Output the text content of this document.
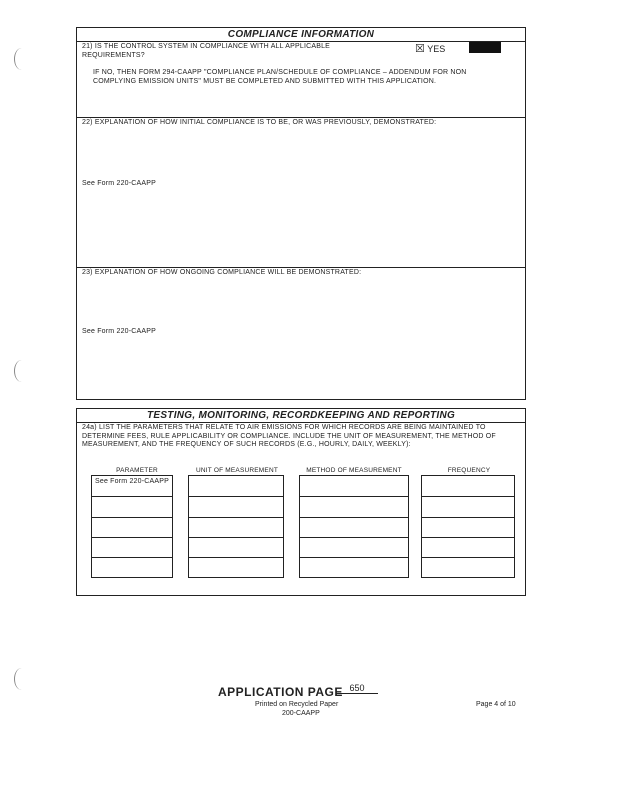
COMPLIANCE INFORMATION
21) IS THE CONTROL SYSTEM IN COMPLIANCE WITH ALL APPLICABLE REQUIREMENTS?	☒ YES
IF NO, THEN FORM 294-CAAPP "COMPLIANCE PLAN/SCHEDULE OF COMPLIANCE – ADDENDUM FOR NON COMPLYING EMISSION UNITS" MUST BE COMPLETED AND SUBMITTED WITH THIS APPLICATION.
22) EXPLANATION OF HOW INITIAL COMPLIANCE IS TO BE, OR WAS PREVIOUSLY, DEMONSTRATED:
See Form 220-CAAPP
23) EXPLANATION OF HOW ONGOING COMPLIANCE WILL BE DEMONSTRATED:
See Form 220-CAAPP
TESTING, MONITORING, RECORDKEEPING AND REPORTING
24a) LIST THE PARAMETERS THAT RELATE TO AIR EMISSIONS FOR WHICH RECORDS ARE BEING MAINTAINED TO DETERMINE FEES, RULE APPLICABILITY OR COMPLIANCE. INCLUDE THE UNIT OF MEASUREMENT, THE METHOD OF MEASUREMENT, AND THE FREQUENCY OF SUCH RECORDS (E.G., HOURLY, DAILY, WEEKLY):
PARAMETER	UNIT OF MEASUREMENT	METHOD OF MEASUREMENT	FREQUENCY
See Form 220-CAAPP
APPLICATION PAGE 650
Printed on Recycled Paper
200-CAAPP
Page 4 of 10
